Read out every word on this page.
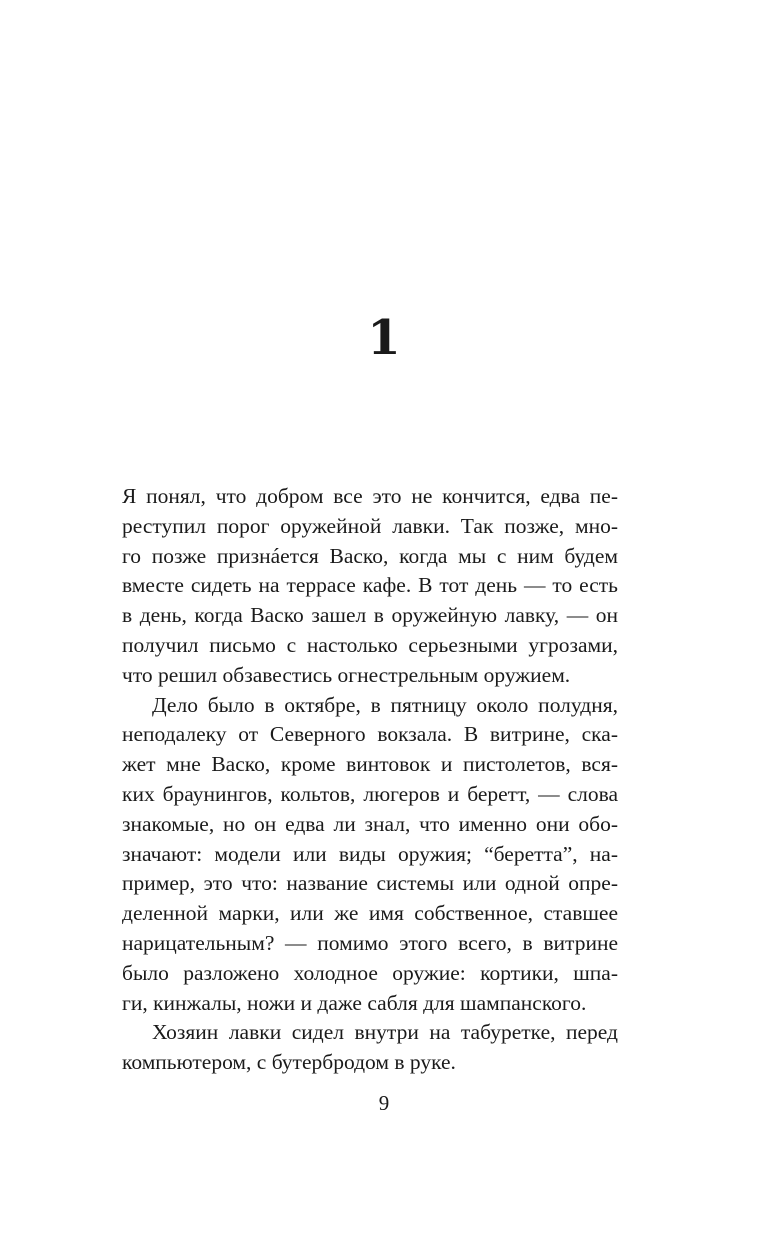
1
Я понял, что добром все это не кончится, едва пе-
реступил порог оружейной лавки. Так позже, мно-
го позже признáется Васко, когда мы с ним будем
вместе сидеть на террасе кафе. В тот день — то есть
в день, когда Васко зашел в оружейную лавку, — он
получил письмо с настолько серьезными угрозами,
что решил обзавестись огнестрельным оружием.
Дело было в октябре, в пятницу около полудня,
неподалеку от Северного вокзала. В витрине, ска-
жет мне Васко, кроме винтовок и пистолетов, вся-
ких браунингов, кольтов, люгеров и беретт, — слова
знакомые, но он едва ли знал, что именно они обо-
значают: модели или виды оружия; “беретта”, на-
пример, это что: название системы или одной опре-
деленной марки, или же имя собственное, ставшее
нарицательным? — помимо этого всего, в витрине
было разложено холодное оружие: кортики, шпа-
ги, кинжалы, ножи и даже сабля для шампанского.
Хозяин лавки сидел внутри на табуретке, перед
компьютером, с бутербродом в руке.
9
